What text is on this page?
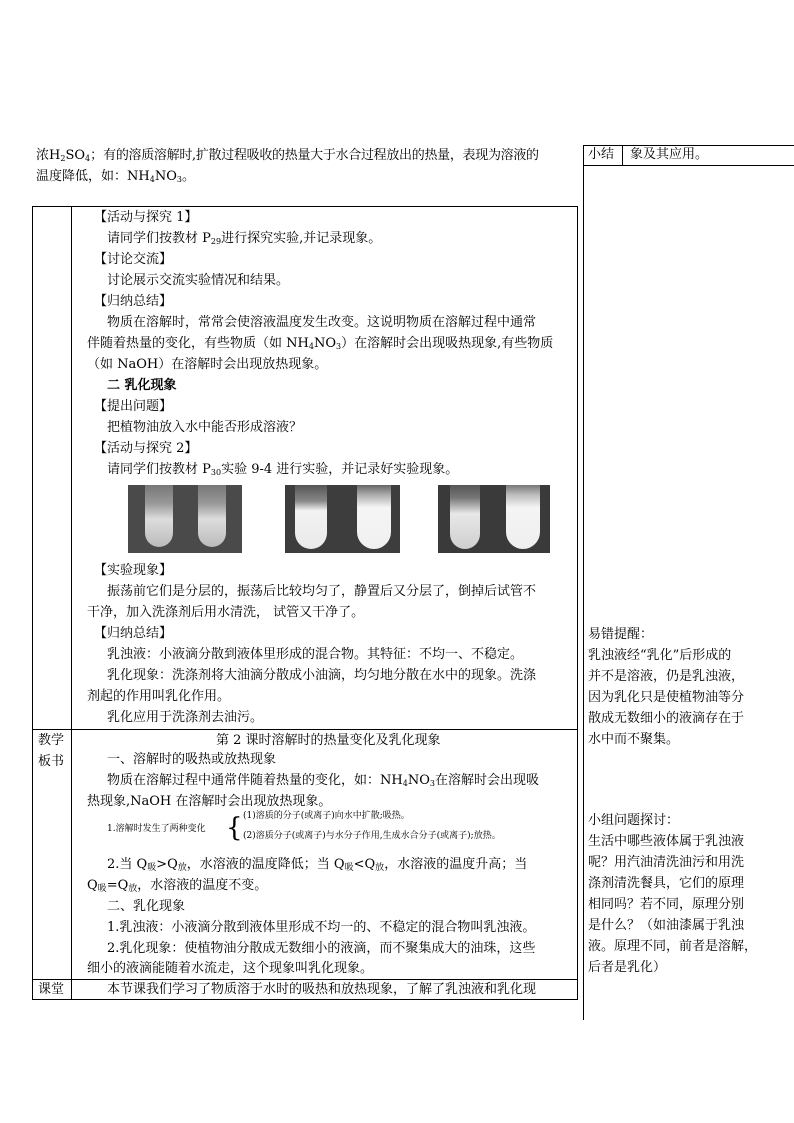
浓$H_2SO_4$；有的溶质溶解时,扩散过程吸收的热量大于水合过程放出的热量，表现为溶液的
温度降低，如：$NH_4NO_3$。
小结 象及其应用。
【活动与探究 1】
请同学们按教材 $P_{29}$进行探究实验,并记录现象。
【讨论交流】
讨论展示交流实验情况和结果。
【归纳总结】
物质在溶解时，常常会使溶液温度发生改变。这说明物质在溶解过程中通常
伴随着热量的变化，有些物质（如 $NH_4NO_3$）在溶解时会出现吸热现象,有些物质
（如 NaOH）在溶解时会出现放热现象。
二 乳化现象
【提出问题】
把植物油放入水中能否形成溶液？
【活动与探究 2】
请同学们按教材 $P_{30}$实验 9-4 进行实验，并记录好实验现象。
【实验现象】
振荡前它们是分层的，振荡后比较均匀了，静置后又分层了，倒掉后试管不
干净，加入洗涤剂后用水清洗， 试管又干净了。
【归纳总结】
乳浊液：小液滴分散到液体里形成的混合物。其特征：不均一、不稳定。
乳化现象：洗涤剂将大油滴分散成小油滴，均匀地分散在水中的现象。洗涤
剂起的作用叫乳化作用。
乳化应用于洗涤剂去油污。
教学
板书
第 2 课时溶解时的热量变化及乳化现象
一、溶解时的吸热或放热现象
物质在溶解过程中通常伴随着热量的变化，如：$NH_4NO_3$在溶解时会出现吸
热现象,NaOH 在溶解时会出现放热现象。
1.溶解时发生了两种变化 { (1)溶质的分子(或离子)向水中扩散;吸热。
(2)溶质分子(或离子)与水分子作用,生成水合分子(或离子);放热。
2.当 Q吸>Q放，水溶液的温度降低；当 Q吸<Q放，水溶液的温度升高；当
Q吸=Q放，水溶液的温度不变。
二、乳化现象
1.乳浊液：小液滴分散到液体里形成不均一的、不稳定的混合物叫乳浊液。
2.乳化现象：使植物油分散成无数细小的液滴，而不聚集成大的油珠，这些
细小的液滴能随着水流走，这个现象叫乳化现象。
课堂	本节课我们学习了物质溶于水时的吸热和放热现象，了解了乳浊液和乳化现
易错提醒：
乳浊液经“乳化”后形成的
并不是溶液，仍是乳浊液，
因为乳化只是使植物油等分
散成无数细小的液滴存在于
水中而不聚集。
小组问题探讨：
生活中哪些液体属于乳浊液
呢？用汽油清洗油污和用洗
涤剂清洗餐具，它们的原理
相同吗？若不同，原理分别
是什么？（如油漆属于乳浊
液。原理不同，前者是溶解，
后者是乳化）
